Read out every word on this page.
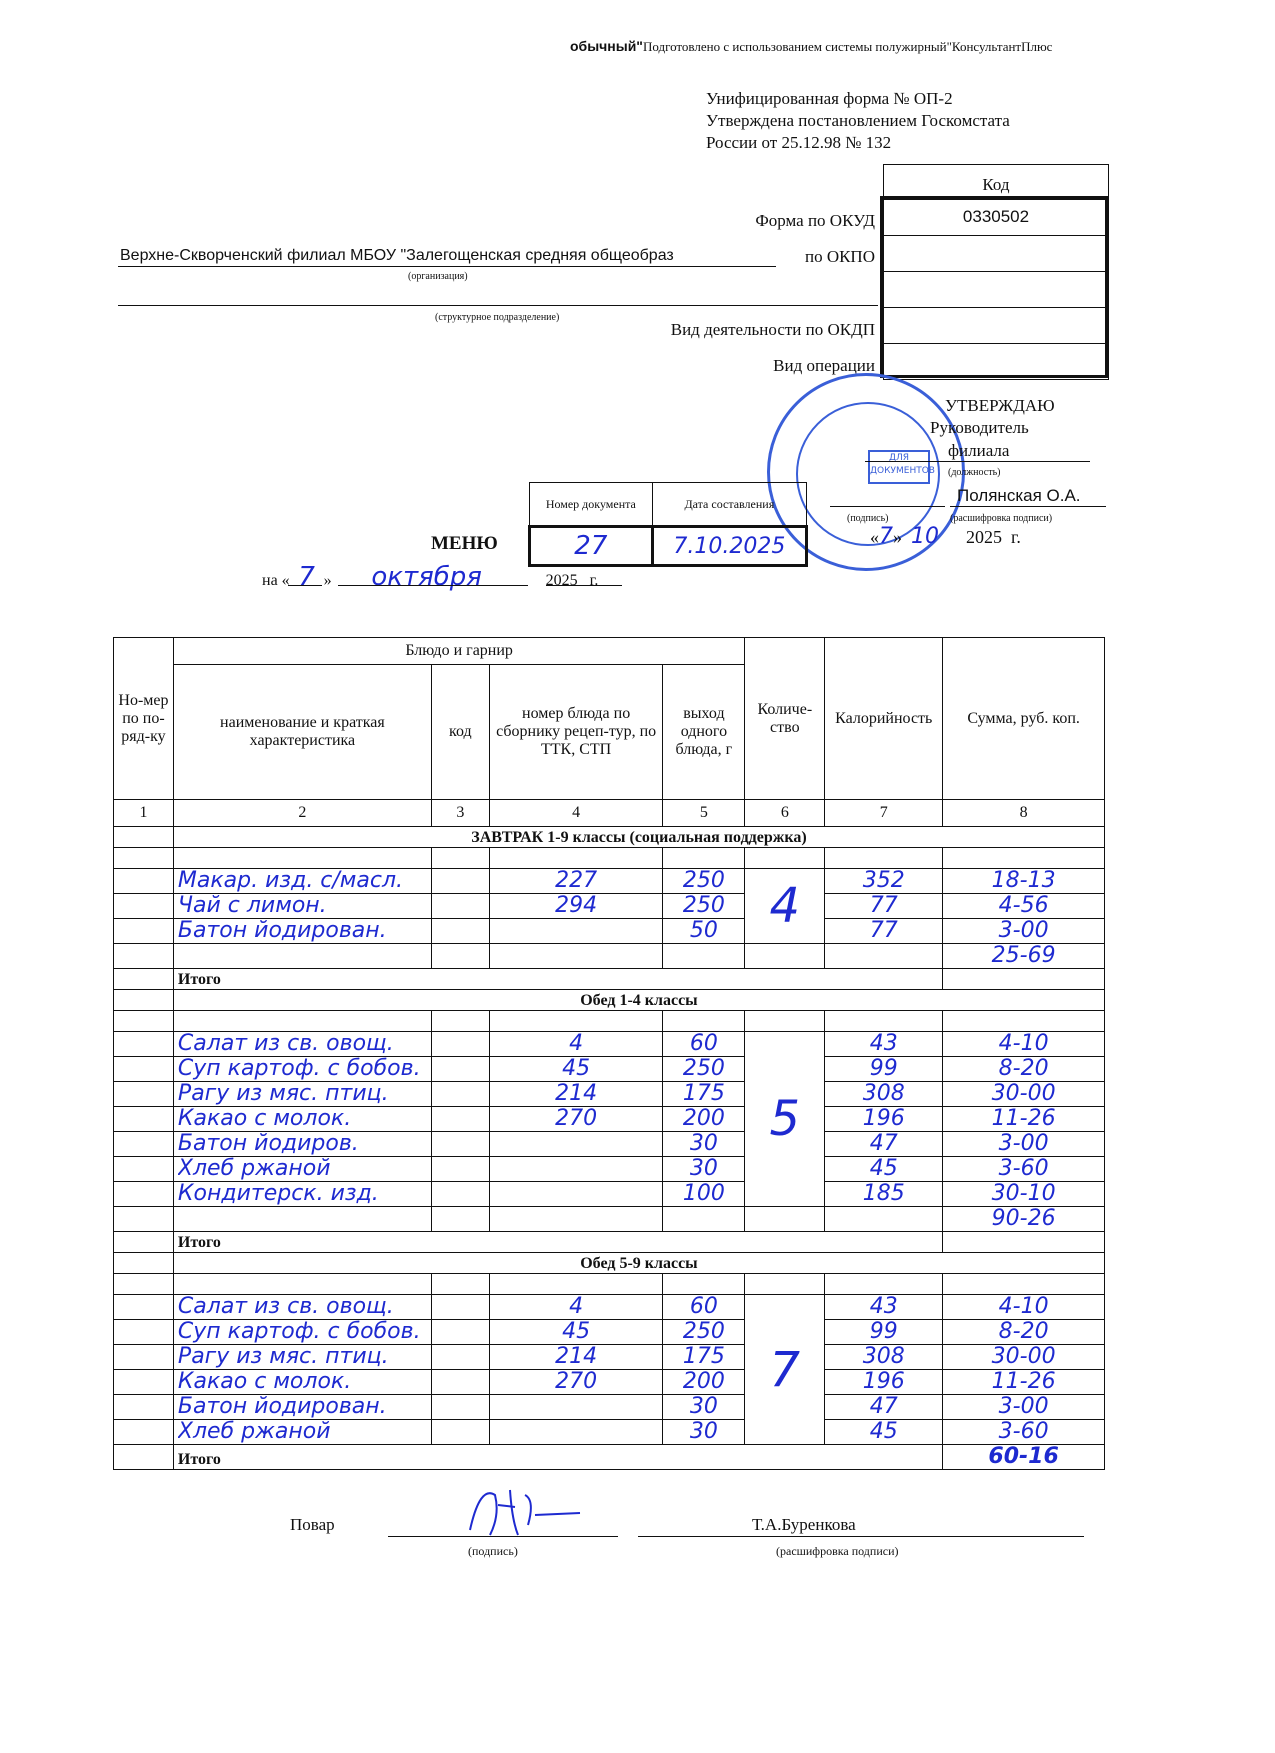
обычный"Подготовлено с использованием системы полужирный"КонсультантПлюс
Унифицированная форма № ОП-2
Утверждена постановлением Госкомстата
России от 25.12.98 № 132
Код
0330502
Форма по ОКУД
по ОКПО
Вид деятельности по ОКДП
Вид операции
Верхне-Скворченский филиал МБОУ "Залегощенская средняя общеобраз
(организация)
(структурное подразделение)
ДЛЯ
ДОКУМЕНТОВ
УТВЕРЖДАЮ
Руководитель
филиала
(должность)
Полянская О.А.
(подпись)	(расшифровка подписи)
«7»  10 2025 г.
Номер документа	Дата составления
27	7.10.2025
МЕНЮ
на « 7 » октября	2025 г.
Но-мер по по-ряд-ку	Блюдо и гарнир				Количе-ство	Калорийность	Сумма, руб. коп.
	наименование и краткая характеристика	код	номер блюда по сборнику рецеп-тур, по ТТК, СТП	выход одного блюда, г			
1	2	3	4	5	6	7	8
	ЗАВТРАК 1-9 классы (социальная поддержка)						

	Макар. изд. с/масл.		227	250	4	352	18-13

	Чай с лимон.		294	250		77	4-56

	Батон йодирован.			50		77	3-00

							25-69

	Итого						

	Обед 1-4 классы						

	Салат из св. овощ.		4	60	5	43	4-10

	Суп картоф. с бобов.		45	250		99	8-20

	Рагу из мяс. птиц.		214	175		308	30-00

	Какао с молок.		270	200		196	11-26

	Батон йодиров.			30		47	3-00

	Хлеб ржаной			30		45	3-60

	Кондитерск. изд.			100		185	30-10

							90-26

	Итого						

	Обед 5-9 классы						

	Салат из св. овощ.		4	60	7	43	4-10

	Суп картоф. с бобов.		45	250		99	8-20

	Рагу из мяс. птиц.		214	175		308	30-00

	Какао с молок.		270	200		196	11-26

	Батон йодирован.			30		47	3-00

	Хлеб ржаной			30		45	3-60

	Итого						60-16
Повар	Т.А.Буренкова
(подпись)	(расшифровка подписи)
